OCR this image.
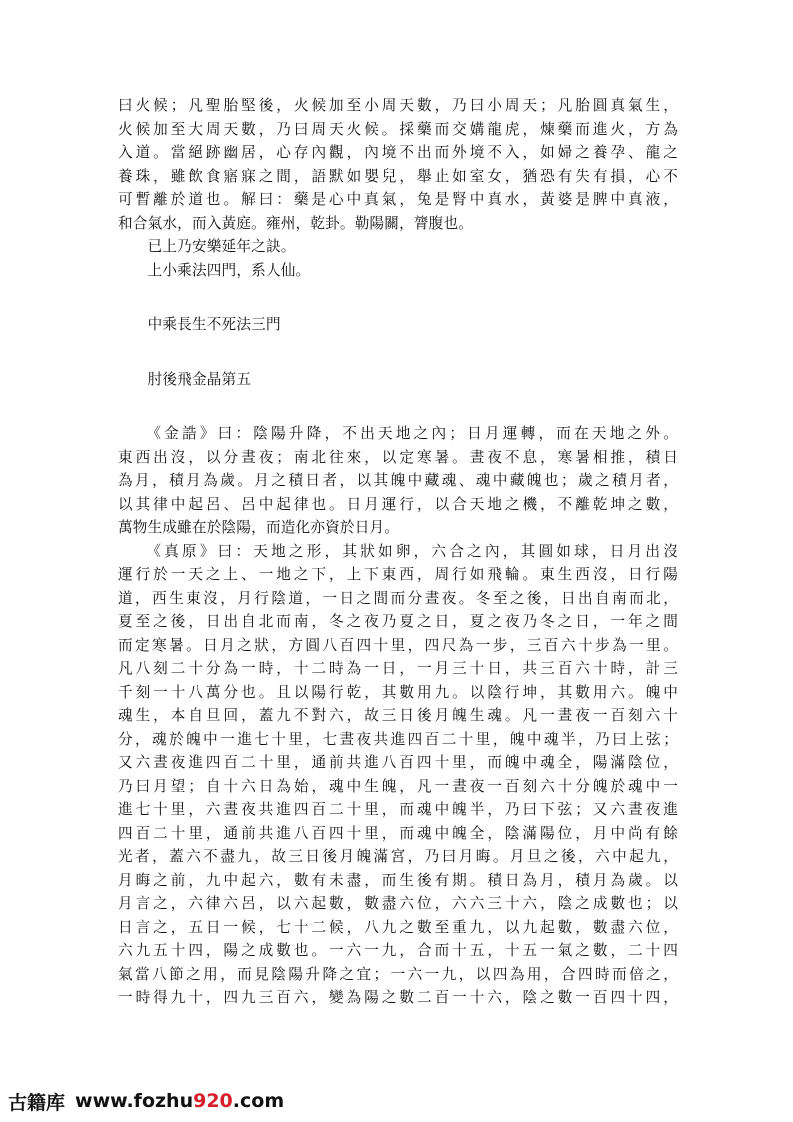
曰火候；凡聖胎堅後，火候加至小周天數，乃曰小周天；凡胎圓真氣生，
火候加至大周天數，乃曰周天火候。採藥而交媾龍虎，煉藥而進火，方為
入道。當絕跡幽居，心存內觀，內境不出而外境不入，如婦之養孕、龍之
養珠，雖飲食寤寐之間，語默如嬰兒，舉止如室女，猶恐有失有損，心不
可暫離於道也。解曰：藥是心中真氣，兔是腎中真水，黃婆是脾中真液，
和合氣水，而入黃庭。雍州，乾卦。勒陽關，膂腹也。
　　已上乃安樂延年之訣。
　　上小乘法四門，系人仙。
　　中乘長生不死法三門
　　肘後飛金晶第五
　　《金誥》曰：陰陽升降，不出天地之內；日月運轉，而在天地之外。
東西出沒，以分晝夜；南北往來，以定寒暑。晝夜不息，寒暑相推，積日
為月，積月為歲。月之積日者，以其魄中藏魂、魂中藏魄也；歲之積月者，
以其律中起呂、呂中起律也。日月運行，以合天地之機，不離乾坤之數，
萬物生成雖在於陰陽，而造化亦資於日月。
　　《真原》曰：天地之形，其狀如卵，六合之內，其圓如球，日月出沒
運行於一天之上、一地之下，上下東西，周行如飛輪。東生西沒，日行陽
道，西生東沒，月行陰道，一日之間而分晝夜。冬至之後，日出自南而北，
夏至之後，日出自北而南，冬之夜乃夏之日，夏之夜乃冬之日，一年之間
而定寒暑。日月之狀，方圓八百四十里，四尺為一步，三百六十步為一里。
凡八刻二十分為一時，十二時為一日，一月三十日，共三百六十時，計三
千刻一十八萬分也。且以陽行乾，其數用九。以陰行坤，其數用六。魄中
魂生，本自旦回，蓋九不對六，故三日後月魄生魂。凡一晝夜一百刻六十
分，魂於魄中一進七十里，七晝夜共進四百二十里，魄中魂半，乃曰上弦；
又六晝夜進四百二十里，通前共進八百四十里，而魄中魂全，陽滿陰位，
乃曰月望；自十六日為始，魂中生魄，凡一晝夜一百刻六十分魄於魂中一
進七十里，六晝夜共進四百二十里，而魂中魄半，乃曰下弦；又六晝夜進
四百二十里，通前共進八百四十里，而魂中魄全，陰滿陽位，月中尚有餘
光者，蓋六不盡九，故三日後月魄滿宮，乃曰月晦。月旦之後，六中起九，
月晦之前，九中起六，數有未盡，而生後有期。積日為月，積月為歲。以
月言之，六律六呂，以六起數，數盡六位，六六三十六，陰之成數也；以
日言之，五日一候，七十二候，八九之數至重九，以九起數，數盡六位，
六九五十四，陽之成數也。一六一九，合而十五，十五一氣之數，二十四
氣當八節之用，而見陰陽升降之宜；一六一九，以四為用，合四時而倍之，
一時得九十，四九三百六，變為陽之數二百一十六，陰之數一百四十四，
古籍库 www.fozhu 920 .com
